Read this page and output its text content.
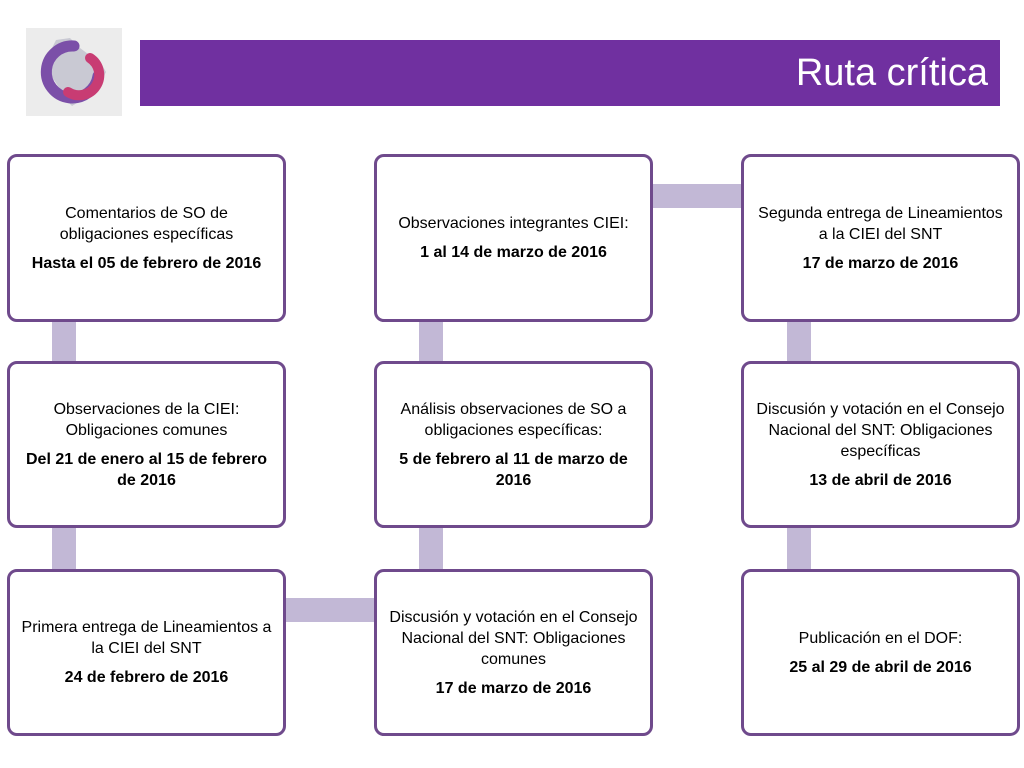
Ruta crítica
Comentarios de SO de obligaciones específicas
Hasta el 05 de febrero de 2016
Observaciones de la CIEI: Obligaciones comunes
Del 21 de enero al 15 de febrero de 2016
Primera entrega de Lineamientos a la CIEI del SNT
24 de febrero de 2016
Observaciones integrantes CIEI:
1 al 14 de marzo de 2016
Análisis observaciones de SO a obligaciones específicas:
5 de febrero al 11 de marzo de 2016
Discusión y votación en el Consejo Nacional del SNT: Obligaciones comunes
17 de marzo de 2016
Segunda entrega de Lineamientos a la CIEI del SNT
17 de marzo de 2016
Discusión y votación en el Consejo Nacional del SNT: Obligaciones específicas
13 de abril de 2016
Publicación en el DOF:
25 al 29 de abril de 2016
